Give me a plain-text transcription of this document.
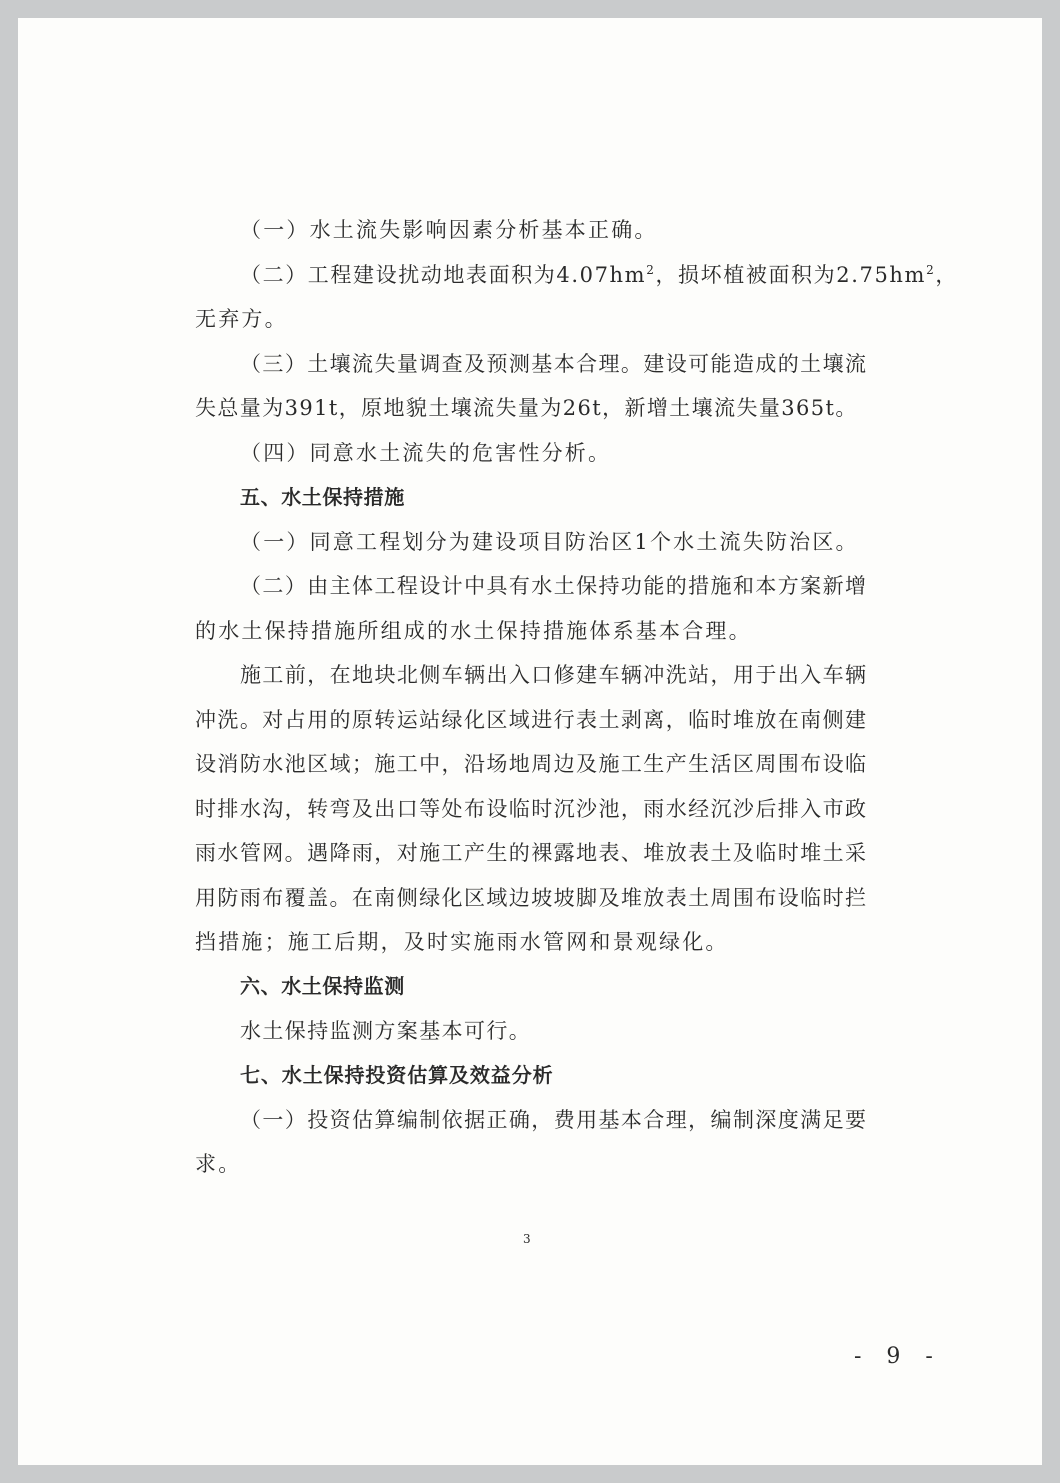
（一）水土流失影响因素分析基本正确。
（二）工程建设扰动地表面积为$4.07hm^2$，损坏植被面积为$2.75hm^2$，
无弃方。
（三）土壤流失量调查及预测基本合理。建设可能造成的土壤流
失总量为391t，原地貌土壤流失量为26t，新增土壤流失量365t。
（四）同意水土流失的危害性分析。
五、水土保持措施
（一）同意工程划分为建设项目防治区1个水土流失防治区。
（二）由主体工程设计中具有水土保持功能的措施和本方案新增
的水土保持措施所组成的水土保持措施体系基本合理。
施工前，在地块北侧车辆出入口修建车辆冲洗站，用于出入车辆
冲洗。对占用的原转运站绿化区域进行表土剥离，临时堆放在南侧建
设消防水池区域；施工中，沿场地周边及施工生产生活区周围布设临
时排水沟，转弯及出口等处布设临时沉沙池，雨水经沉沙后排入市政
雨水管网。遇降雨，对施工产生的裸露地表、堆放表土及临时堆土采
用防雨布覆盖。在南侧绿化区域边坡坡脚及堆放表土周围布设临时拦
挡措施；施工后期，及时实施雨水管网和景观绿化。
六、水土保持监测
水土保持监测方案基本可行。
七、水土保持投资估算及效益分析
（一）投资估算编制依据正确，费用基本合理，编制深度满足要
求。
3
- 9 -
